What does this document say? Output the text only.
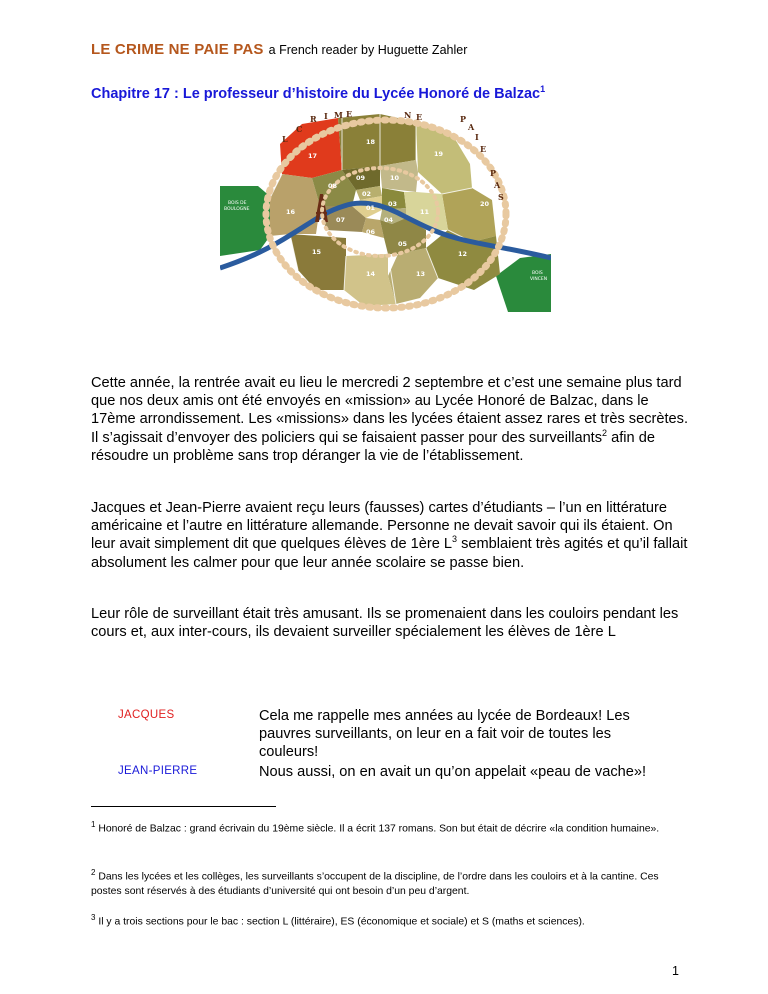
LE CRIME NE PAIE PAS a French reader by Huguette Zahler
Chapitre 17 : Le professeur d’histoire du Lycée Honoré de Balzac$^1$
C
R I M E	N E	P
A
I
E
P
A
S
L
17
18
19
20
08
09	10
02
01 03
11
04
07
16
06
05
15	12
14	13
BOIS DE
BOULOGNE
BOIS
VINCEN

Cette année, la rentrée avait eu lieu le mercredi 2 septembre et c’est une semaine plus tard que nos deux amis ont été envoyés en «mission» au Lycée Honoré de Balzac, dans le 17ème arrondissement. Les «missions» dans les lycées étaient assez rares et très secrètes. Il s’agissait d’envoyer des policiers qui se faisaient passer pour des surveillants$^2$ afin de résoudre un problème sans trop déranger la vie de l’établissement.

Jacques et Jean-Pierre avaient reçu leurs (fausses) cartes d’étudiants – l’un en littérature américaine et l’autre en littérature allemande. Personne ne devait savoir qui ils étaient. On leur avait simplement dit que quelques élèves de 1ère $L^3$ semblaient très agités et qu’il fallait absolument les calmer pour que leur année scolaire se passe bien.

Leur rôle de surveillant était très amusant. Ils se promenaient dans les couloirs pendant les cours et, aux inter-cours, ils devaient surveiller spécialement les élèves de 1ère L

JACQUES	Cela me rappelle mes années au lycée de Bordeaux! Les pauvres surveillants, on leur en a fait voir de toutes les couleurs!
JEAN-PIERRE	Nous aussi, on en avait un qu’on appelait «peau de vache»!

$^1$ Honoré de Balzac : grand écrivain du 19ème siècle. Il a écrit 137 romans. Son but était de décrire «la condition humaine».

$^2$ Dans les lycées et les collèges, les surveillants s’occupent de la discipline, de l’ordre dans les couloirs et à la cantine. Ces postes sont réservés à des étudiants d’université qui ont besoin d’un peu d’argent.

$^3$ Il y a trois sections pour le bac : section L (littéraire), ES (économique et sociale) et S (maths et sciences).

1
